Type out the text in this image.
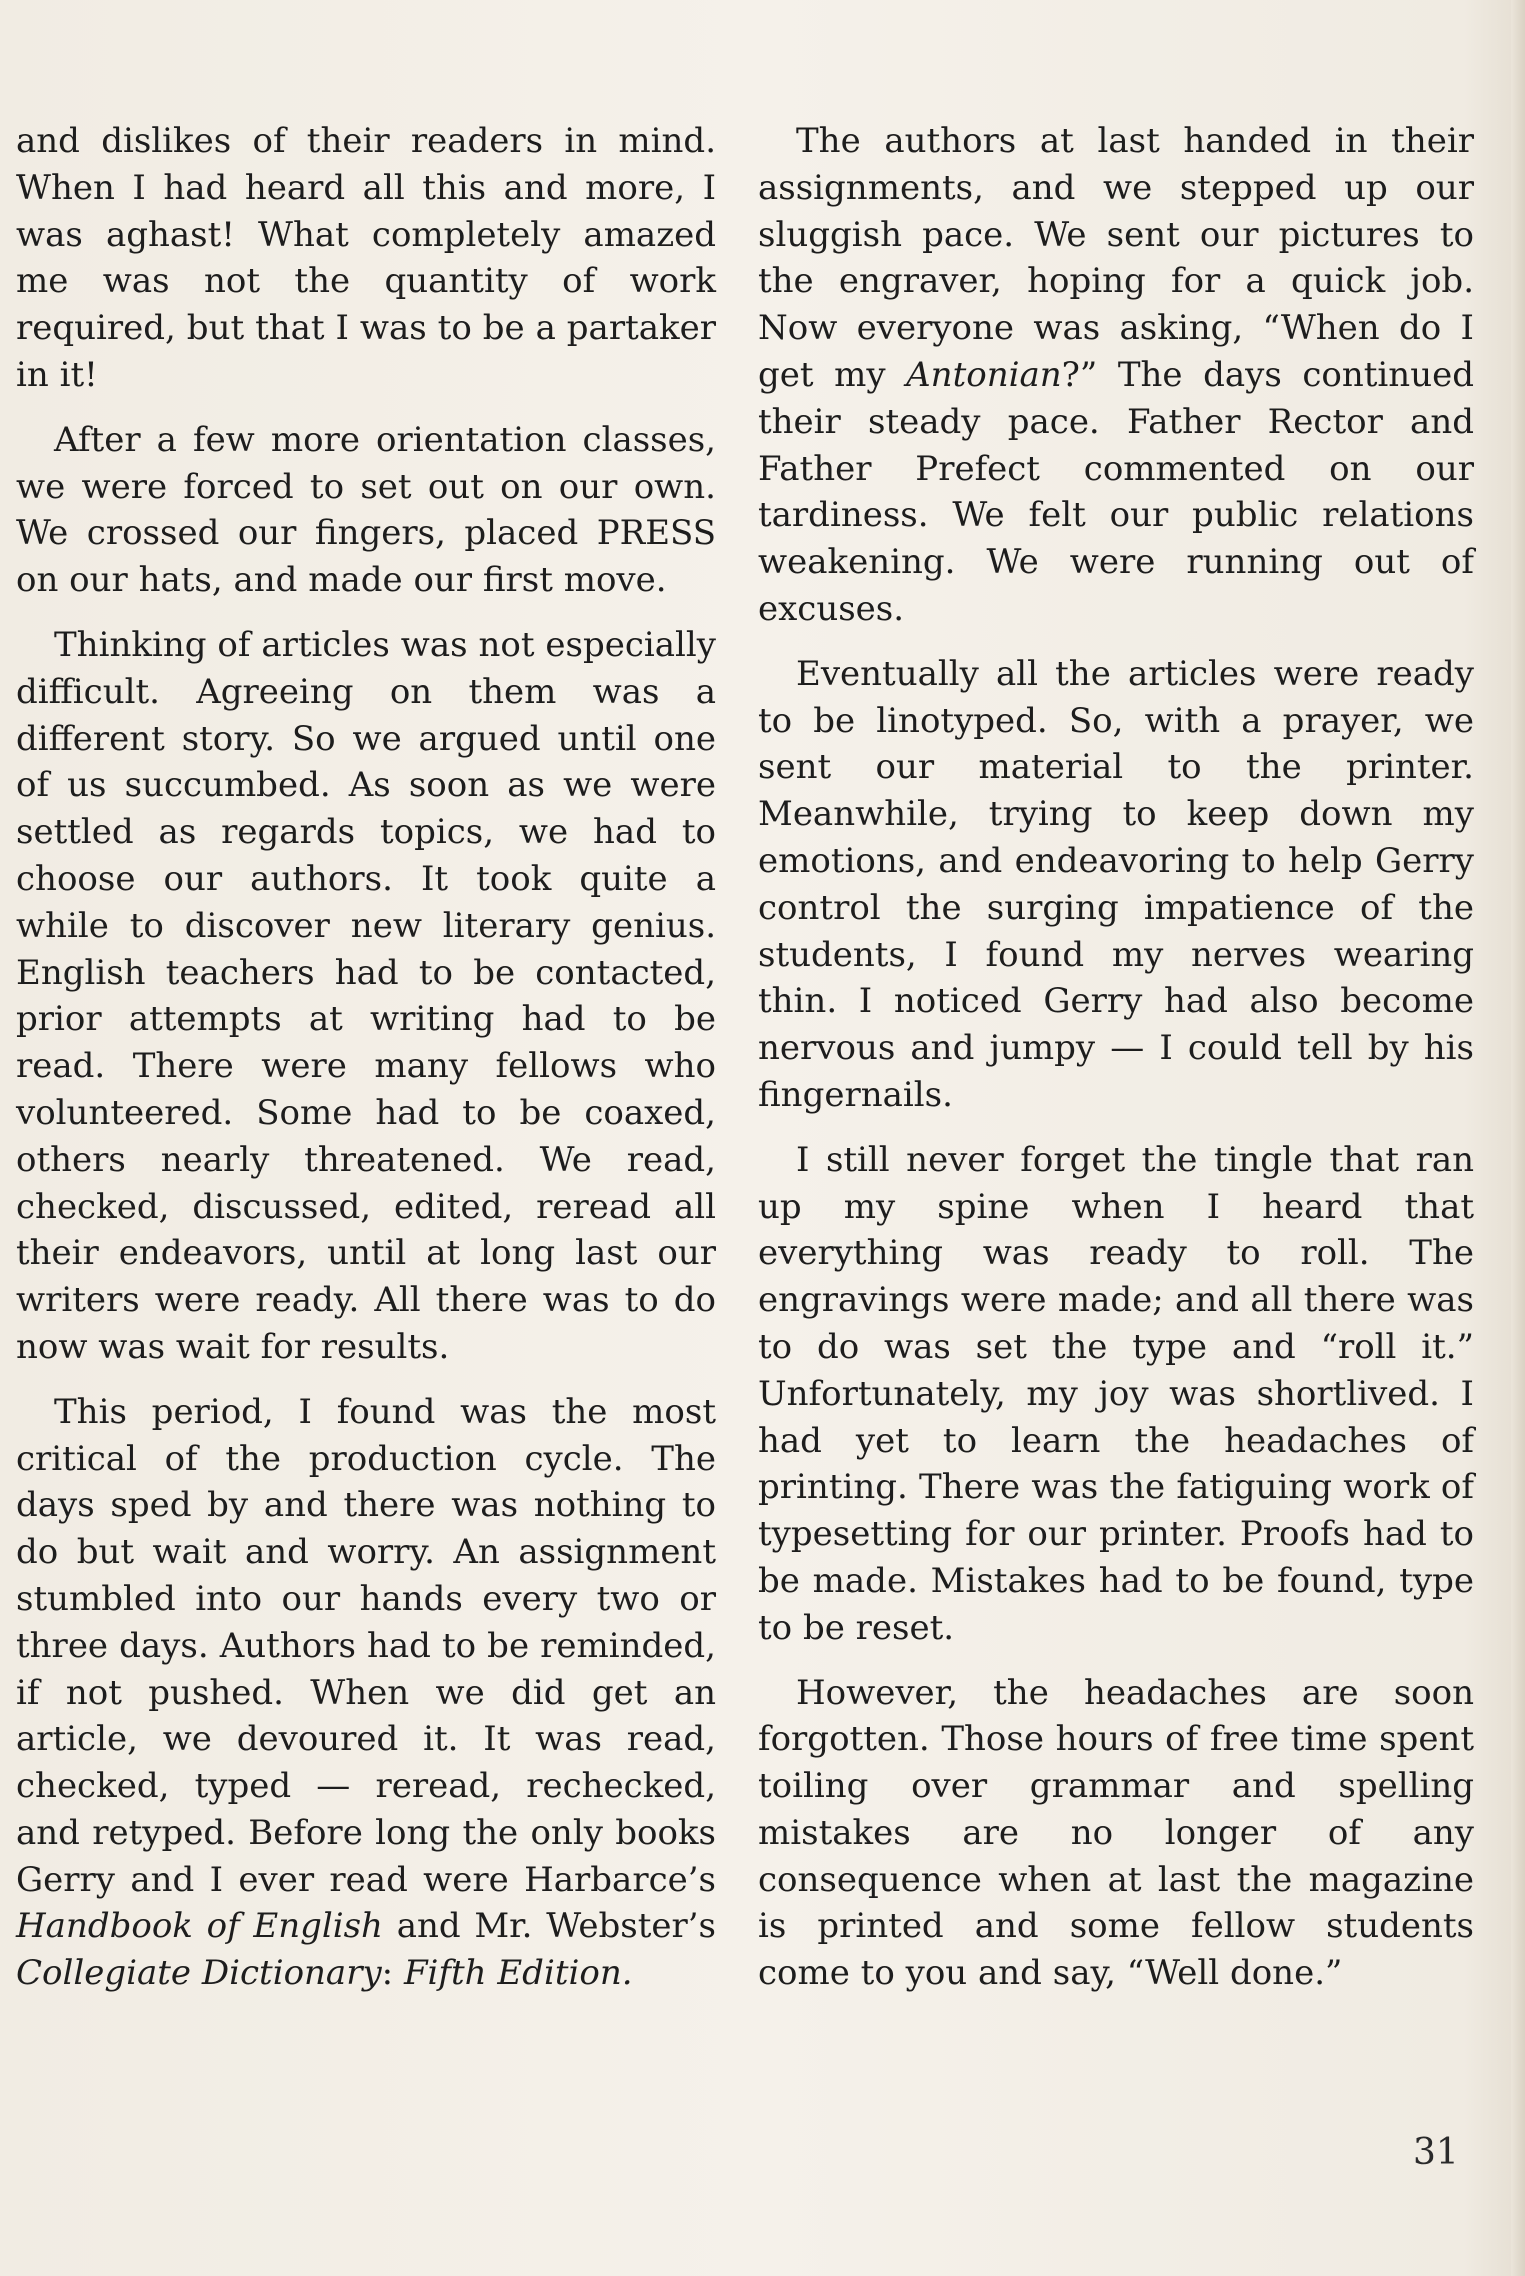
and dislikes of their readers in mind. When I had heard all this and more, I was aghast! What completely amazed me was not the quantity of work required, but that I was to be a partaker in it!

After a few more orientation classes, we were forced to set out on our own. We crossed our fingers, placed PRESS on our hats, and made our first move.

Thinking of articles was not especially difficult. Agreeing on them was a different story. So we argued until one of us succumbed. As soon as we were settled as regards topics, we had to choose our authors. It took quite a while to discover new literary genius. English teachers had to be contacted, prior attempts at writing had to be read. There were many fellows who volunteered. Some had to be coaxed, others nearly threatened. We read, checked, discussed, edited, reread all their endeavors, until at long last our writers were ready. All there was to do now was wait for results.

This period, I found was the most critical of the production cycle. The days sped by and there was nothing to do but wait and worry. An assignment stumbled into our hands every two or three days. Authors had to be reminded, if not pushed. When we did get an article, we devoured it. It was read, checked, typed — reread, rechecked, and retyped. Before long the only books Gerry and I ever read were Harbarce’s Handbook of English and Mr. Webster’s Collegiate Dictionary: Fifth Edition.

The authors at last handed in their assignments, and we stepped up our sluggish pace. We sent our pictures to the engraver, hoping for a quick job. Now everyone was asking, “When do I get my Antonian?” The days continued their steady pace. Father Rector and Father Prefect commented on our tardiness. We felt our public relations weakening. We were running out of excuses.

Eventually all the articles were ready to be linotyped. So, with a prayer, we sent our material to the printer. Meanwhile, trying to keep down my emotions, and endeavoring to help Gerry control the surging impatience of the students, I found my nerves wearing thin. I noticed Gerry had also become nervous and jumpy — I could tell by his fingernails.

I still never forget the tingle that ran up my spine when I heard that everything was ready to roll. The engravings were made; and all there was to do was set the type and “roll it.” Unfortunately, my joy was shortlived. I had yet to learn the headaches of printing. There was the fatiguing work of typesetting for our printer. Proofs had to be made. Mistakes had to be found, type to be reset.

However, the headaches are soon forgotten. Those hours of free time spent toiling over grammar and spelling mistakes are no longer of any consequence when at last the magazine is printed and some fellow students come to you and say, “Well done.”

31
